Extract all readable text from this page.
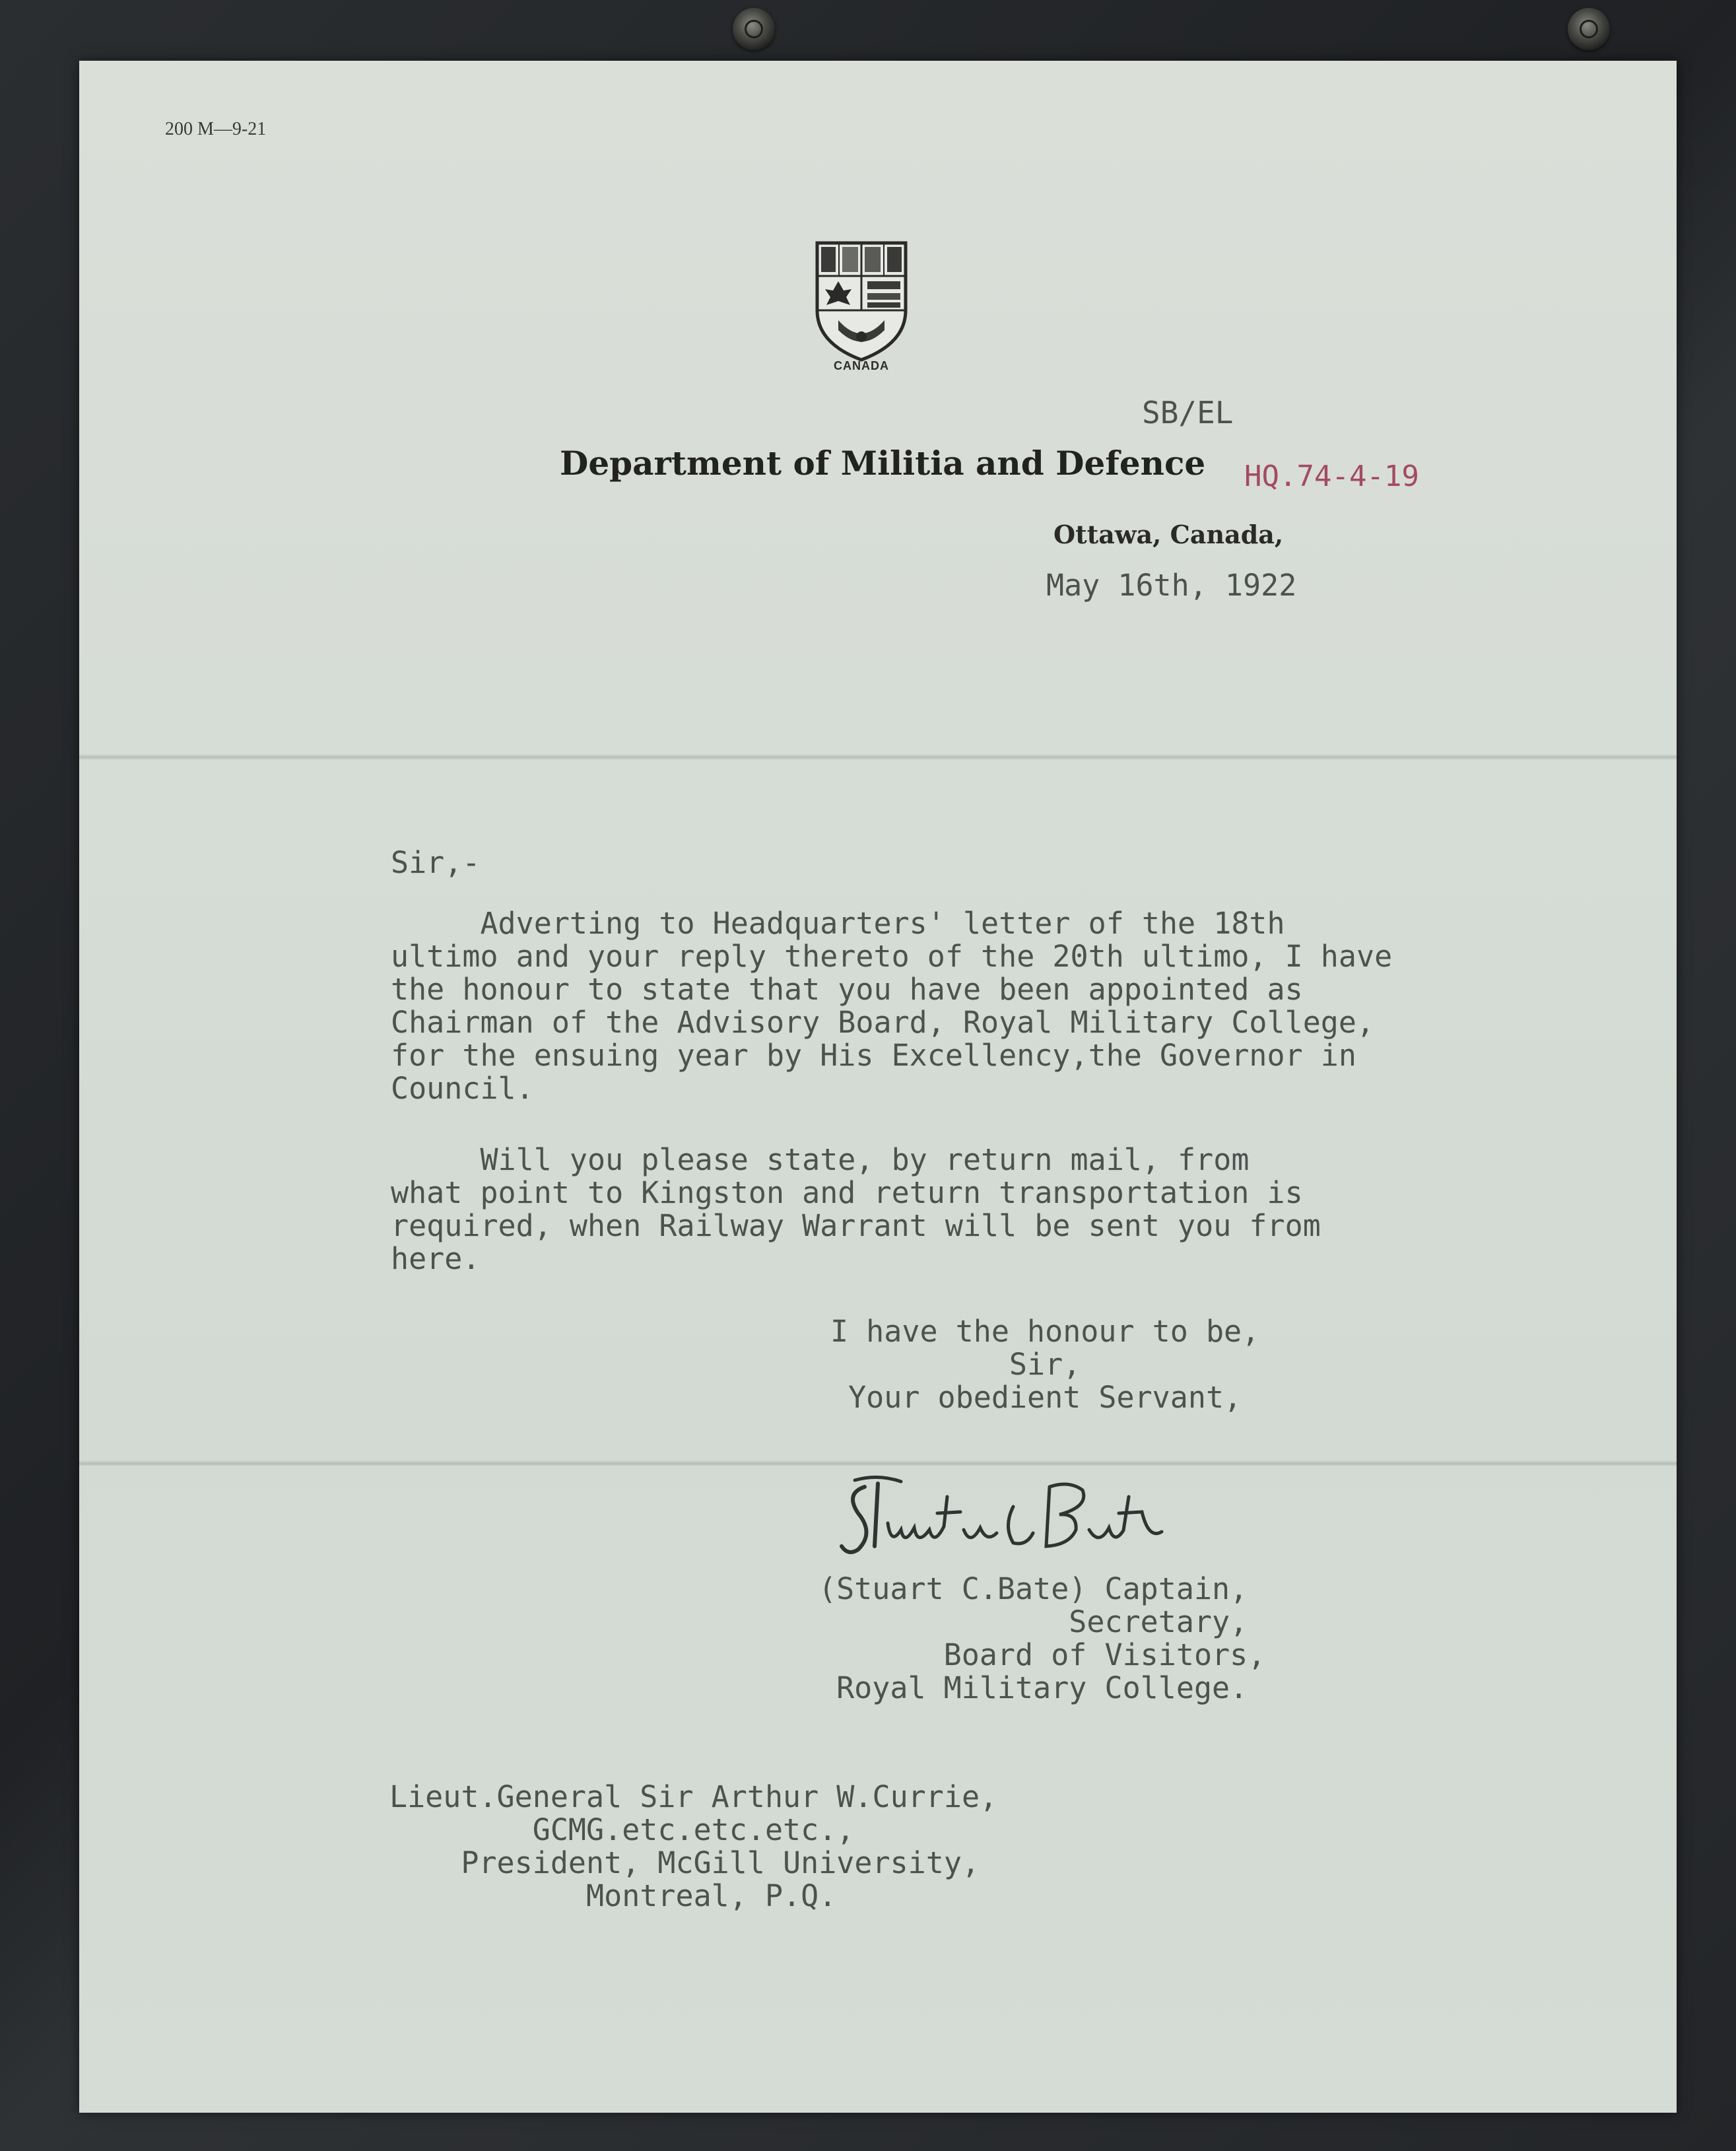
200 M—9-21
CANADA
SB/EL
Department of Militia and Defence HQ.74-4-19
Ottawa, Canada,
May 16th, 1922
Sir,-
Adverting to Headquarters' letter of the 18th
ultimo and your reply thereto of the 20th ultimo, I have
the honour to state that you have been appointed as
Chairman of the Advisory Board, Royal Military College,
for the ensuing year by His Excellency,the Governor in
Council.
Will you please state, by return mail, from
what point to Kingston and return transportation is
required, when Railway Warrant will be sent you from
here.
I have the honour to be,
Sir,
Your obedient Servant,
(Stuart C.Bate) Captain,
Secretary,
Board of Visitors,
Royal Military College.
Lieut.General Sir Arthur W.Currie,
GCMG.etc.etc.etc.,
President, McGill University,
Montreal, P.Q.
